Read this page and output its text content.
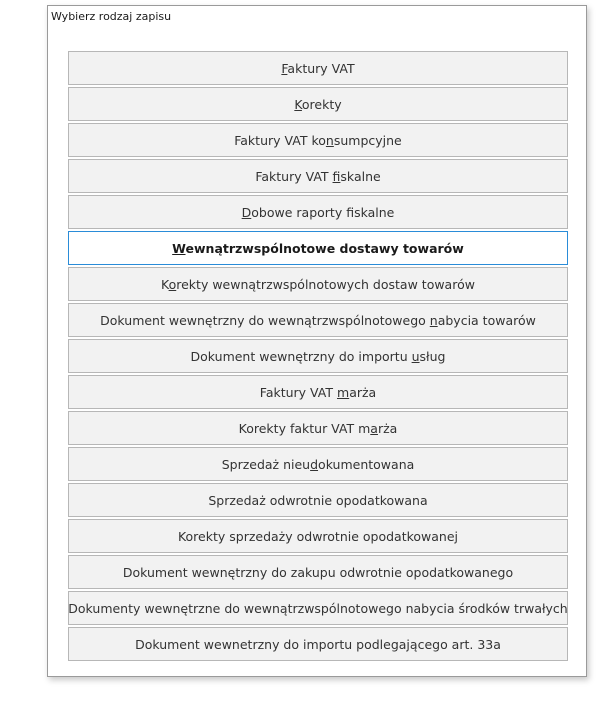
Wybierz rodzaj zapisu
Faktury VAT
Korekty
Faktury VAT konsumpcyjne
Faktury VAT fiskalne
Dobowe raporty fiskalne
Wewnątrzwspólnotowe dostawy towarów
Korekty wewnątrzwspólnotowych dostaw towarów
Dokument wewnętrzny do wewnątrzwspólnotowego nabycia towarów
Dokument wewnętrzny do importu usług
Faktury VAT marża
Korekty faktur VAT marża
Sprzedaż nieudokumentowana
Sprzedaż odwrotnie opodatkowana
Korekty sprzedaży odwrotnie opodatkowanej
Dokument wewnętrzny do zakupu odwrotnie opodatkowanego
Dokumenty wewnętrzne do wewnątrzwspólnotowego nabycia środków trwałych
Dokument wewnetrzny do importu podlegającego art. 33a
